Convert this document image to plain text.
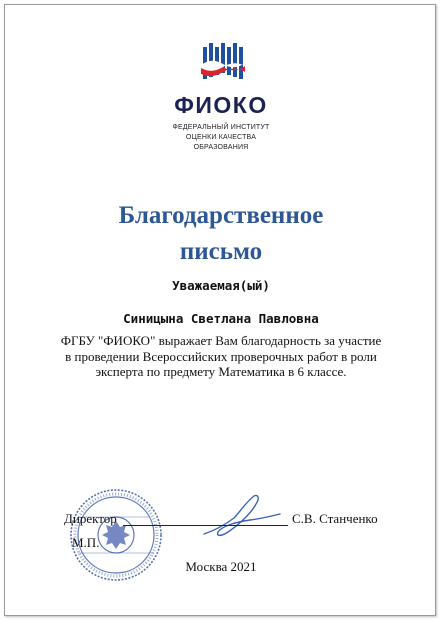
ФИОКО
ФЕДЕРАЛЬНЫЙ ИНСТИТУТ
ОЦЕНКИ КАЧЕСТВА
ОБРАЗОВАНИЯ
Благодарственное
письмо
Уважаемая(ый)
Синицына Светлана Павловна
ФГБУ "ФИОКО" выражает Вам благодарность за участие
в проведении Всероссийских проверочных работ в роли
эксперта по предмету Математика в 6 классе.
Директор	С.В. Станченко
М.П.
Москва 2021
